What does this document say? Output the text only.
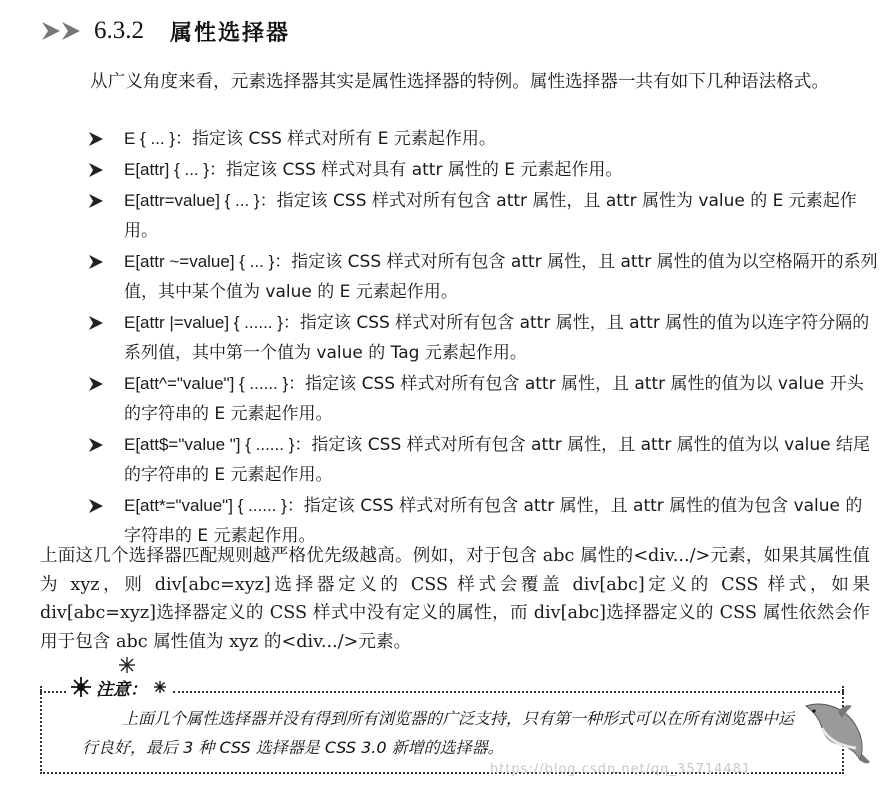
6.3.2 属性选择器
从广义角度来看，元素选择器其实是属性选择器的特例。属性选择器一共有如下几种语法格式。
E { ... }：指定该 CSS 样式对所有 E 元素起作用。
E[attr] { ... }：指定该 CSS 样式对具有 attr 属性的 E 元素起作用。
E[attr=value] { ... }：指定该 CSS 样式对所有包含 attr 属性，且 attr 属性为 value 的 E 元素起作用。
E[attr ~=value] { ... }：指定该 CSS 样式对所有包含 attr 属性，且 attr 属性的值为以空格隔开的系列值，其中某个值为 value 的 E 元素起作用。
E[attr |=value] { ...... }：指定该 CSS 样式对所有包含 attr 属性，且 attr 属性的值为以连字符分隔的系列值，其中第一个值为 value 的 Tag 元素起作用。
E[att^="value"] { ...... }：指定该 CSS 样式对所有包含 attr 属性，且 attr 属性的值为以 value 开头的字符串的 E 元素起作用。
E[att$="value "] { ...... }：指定该 CSS 样式对所有包含 attr 属性，且 attr 属性的值为以 value 结尾的字符串的 E 元素起作用。
E[att*="value"] { ...... }：指定该 CSS 样式对所有包含 attr 属性，且 attr 属性的值为包含 value 的字符串的 E 元素起作用。
上面这几个选择器匹配规则越严格优先级越高。例如，对于包含 abc 属性的<div.../>元素，如果其属性值为 xyz，则 div[abc=xyz]选择器定义的 CSS 样式会覆盖 div[abc]定义的 CSS 样式，如果 div[abc=xyz]选择器定义的 CSS 样式中没有定义的属性，而 div[abc]选择器定义的 CSS 属性依然会作用于包含 abc 属性值为 xyz 的<div.../>元素。
注意：
上面几个属性选择器并没有得到所有浏览器的广泛支持，只有第一种形式可以在所有浏览器中运行良好，最后 3 种 CSS 选择器是 CSS 3.0 新增的选择器。
https://blog.csdn.net/qq_35714481
